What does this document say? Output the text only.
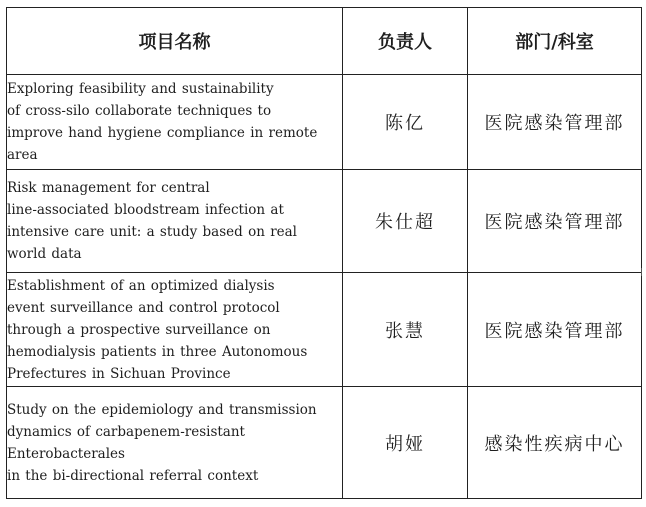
项目名称	负责人	部门/科室

Exploring feasibility and sustainability
of cross-silo collaborate techniques to
improve hand hygiene compliance in remote
area	陈亿	医院感染管理部

Risk management for central
line-associated bloodstream infection at
intensive care unit: a study based on real
world data	朱仕超	医院感染管理部

Establishment of an optimized dialysis
event surveillance and control protocol
through a prospective surveillance on
hemodialysis patients in three Autonomous
Prefectures in Sichuan Province	张慧	医院感染管理部

Study on the epidemiology and transmission
dynamics of carbapenem-resistant
Enterobacterales
in the bi-directional referral context	胡娅	感染性疾病中心
